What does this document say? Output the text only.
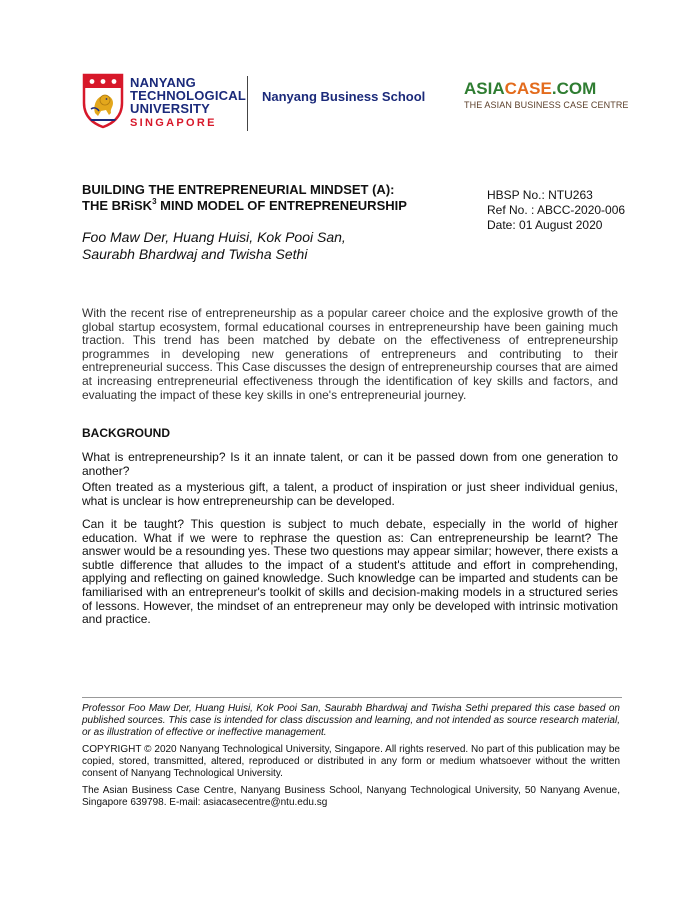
NANYANG
TECHNOLOGICAL
UNIVERSITY
SINGAPORE
Nanyang Business School ASIACASE.COM
THE ASIAN BUSINESS CASE CENTRE
BUILDING THE ENTREPRENEURIAL MINDSET (A):
THE BRiSK$^3$ MIND MODEL OF ENTREPRENEURSHIP
Foo Maw Der, Huang Huisi, Kok Pooi San,
Saurabh Bhardwaj and Twisha Sethi
HBSP No.: NTU263
Ref No. : ABCC-2020-006
Date: 01 August 2020
With the recent rise of entrepreneurship as a popular career choice and the explosive growth of the global startup ecosystem, formal educational courses in entrepreneurship have been gaining much traction. This trend has been matched by debate on the effectiveness of entrepreneurship programmes in developing new generations of entrepreneurs and contributing to their entrepreneurial success. This Case discusses the design of entrepreneurship courses that are aimed at increasing entrepreneurial effectiveness through the identification of key skills and factors, and evaluating the impact of these key skills in one's entrepreneurial journey.
BACKGROUND
What is entrepreneurship? Is it an innate talent, or can it be passed down from one generation to another?
Often treated as a mysterious gift, a talent, a product of inspiration or just sheer individual genius, what is unclear is how entrepreneurship can be developed.
Can it be taught? This question is subject to much debate, especially in the world of higher education. What if we were to rephrase the question as: Can entrepreneurship be learnt? The answer would be a resounding yes. These two questions may appear similar; however, there exists a subtle difference that alludes to the impact of a student's attitude and effort in comprehending, applying and reflecting on gained knowledge. Such knowledge can be imparted and students can be familiarised with an entrepreneur's toolkit of skills and decision-making models in a structured series of lessons. However, the mindset of an entrepreneur may only be developed with intrinsic motivation and practice.
Professor Foo Maw Der, Huang Huisi, Kok Pooi San, Saurabh Bhardwaj and Twisha Sethi prepared this case based on published sources. This case is intended for class discussion and learning, and not intended as source research material, or as illustration of effective or ineffective management.
COPYRIGHT © 2020 Nanyang Technological University, Singapore. All rights reserved. No part of this publication may be copied, stored, transmitted, altered, reproduced or distributed in any form or medium whatsoever without the written consent of Nanyang Technological University.
The Asian Business Case Centre, Nanyang Business School, Nanyang Technological University, 50 Nanyang Avenue, Singapore 639798. E-mail: asiacasecentre@ntu.edu.sg
